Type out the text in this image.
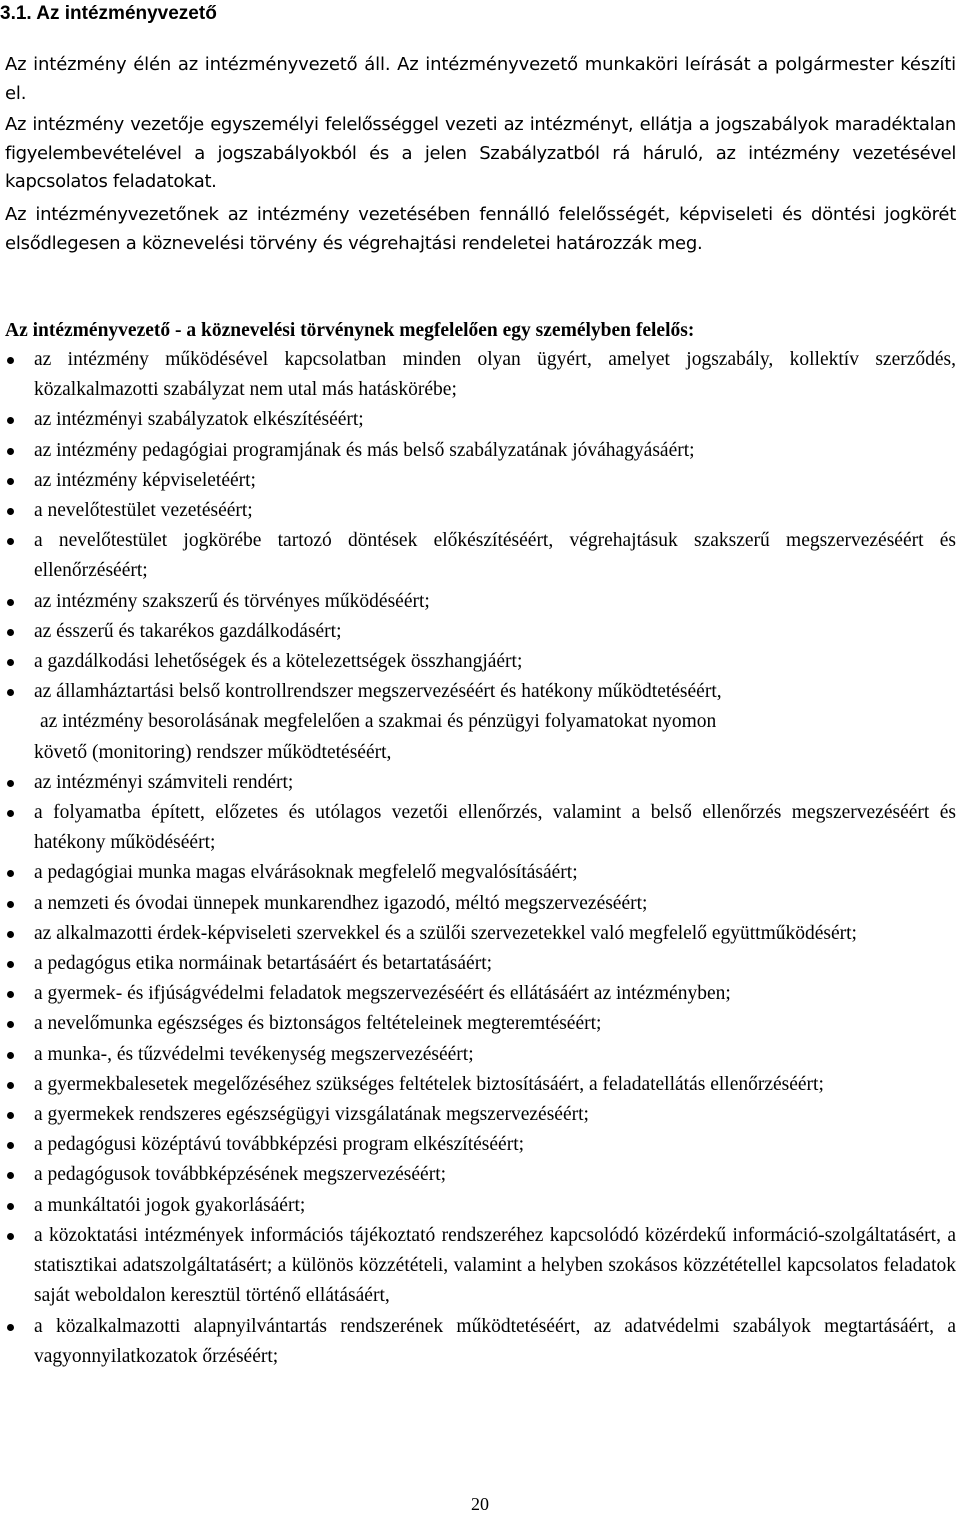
3.1. Az intézményvezető

Az intézmény élén az intézményvezető áll. Az intézményvezető munkaköri leírását a polgármester készíti el.

Az intézmény vezetője egyszemélyi felelősséggel vezeti az intézményt, ellátja a jogszabályok maradéktalan figyelembevételével a jogszabályokból és a jelen Szabályzatból rá háruló, az intézmény vezetésével kapcsolatos feladatokat.

Az intézményvezetőnek az intézmény vezetésében fennálló felelősségét, képviseleti és döntési jogkörét elsődlegesen a köznevelési törvény és végrehajtási rendeletei határozzák meg.

Az intézményvezető - a köznevelési törvénynek megfelelően egy személyben felelős:

az intézmény működésével kapcsolatban minden olyan ügyért, amelyet jogszabály, kollektív szerződés, közalkalmazotti szabályzat nem utal más hatáskörébe;
az intézményi szabályzatok elkészítéséért;
az intézmény pedagógiai programjának és más belső szabályzatának jóváhagyásáért;
az intézmény képviseletéért;
a nevelőtestület vezetéséért;
a nevelőtestület jogkörébe tartozó döntések előkészítéséért, végrehajtásuk szakszerű megszervezéséért és ellenőrzéséért;
az intézmény szakszerű és törvényes működéséért;
az ésszerű és takarékos gazdálkodásért;
a gazdálkodási lehetőségek és a kötelezettségek összhangjáért;
az államháztartási belső kontrollrendszer megszervezéséért és hatékony működtetéséért,
az intézmény besorolásának megfelelően a szakmai és pénzügyi folyamatokat nyomon
követő (monitoring) rendszer működtetéséért,
az intézményi számviteli rendért;
a folyamatba épített, előzetes és utólagos vezetői ellenőrzés, valamint a belső ellenőrzés megszervezéséért és hatékony működéséért;
a pedagógiai munka magas elvárásoknak megfelelő megvalósításáért;
a nemzeti és óvodai ünnepek munkarendhez igazodó, méltó megszervezéséért;
az alkalmazotti érdek-képviseleti szervekkel és a szülői szervezetekkel való megfelelő együttműködésért;
a pedagógus etika normáinak betartásáért és betartatásáért;
a gyermek- és ifjúságvédelmi feladatok megszervezéséért és ellátásáért az intézményben;
a nevelőmunka egészséges és biztonságos feltételeinek megteremtéséért;
a munka-, és tűzvédelmi tevékenység megszervezéséért;
a gyermekbalesetek megelőzéséhez szükséges feltételek biztosításáért, a feladatellátás ellenőrzéséért;
a gyermekek rendszeres egészségügyi vizsgálatának megszervezéséért;
a pedagógusi középtávú továbbképzési program elkészítéséért;
a pedagógusok továbbképzésének megszervezéséért;
a munkáltatói jogok gyakorlásáért;
a közoktatási intézmények információs tájékoztató rendszeréhez kapcsolódó közérdekű információ-szolgáltatásért, a statisztikai adatszolgáltatásért; a különös közzétételi, valamint a helyben szokásos közzététellel kapcsolatos feladatok saját weboldalon keresztül történő ellátásáért,
a közalkalmazotti alapnyilvántartás rendszerének működtetéséért, az adatvédelmi szabályok megtartásáért, a vagyonnyilatkozatok őrzéséért;

20
